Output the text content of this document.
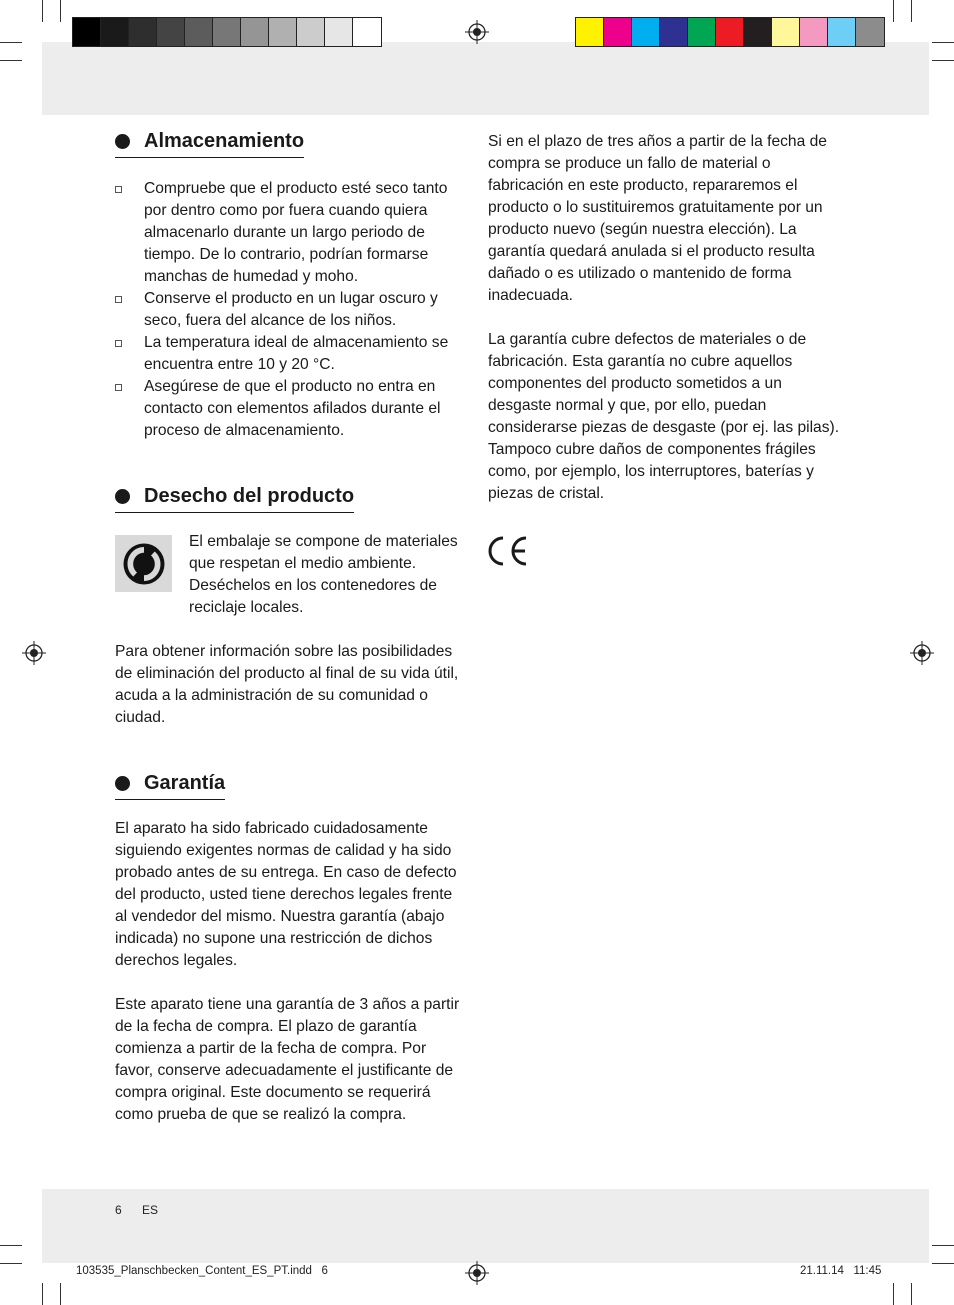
Almacenamiento
Compruebe que el producto esté seco tanto por dentro como por fuera cuando quiera almacenarlo durante un largo periodo de tiempo. De lo contrario, podrían formarse manchas de humedad y moho.
Conserve el producto en un lugar oscuro y seco, fuera del alcance de los niños.
La temperatura ideal de almacenamiento se encuentra entre 10 y 20 °C.
Asegúrese de que el producto no entra en contacto con elementos afilados durante el proceso de almacenamiento.
Desecho del producto

El embalaje se compone de materiales que respetan el medio ambiente. Deséchelos en los contenedores de reciclaje locales.

Para obtener información sobre las posibilidades de eliminación del producto al final de su vida útil, acuda a la administración de su comunidad o ciudad.

Garantía

El aparato ha sido fabricado cuidadosamente siguiendo exigentes normas de calidad y ha sido probado antes de su entrega. En caso de defecto del producto, usted tiene derechos legales frente al vendedor del mismo. Nuestra garantía (abajo indicada) no supone una restricción de dichos derechos legales.

Este aparato tiene una garantía de 3 años a partir de la fecha de compra. El plazo de garantía comienza a partir de la fecha de compra. Por favor, conserve adecuadamente el justificante de compra original. Este documento se requerirá como prueba de que se realizó la compra.

Si en el plazo de tres años a partir de la fecha de compra se produce un fallo de material o fabricación en este producto, repararemos el producto o lo sustituiremos gratuitamente por un producto nuevo (según nuestra elección). La garantía quedará anulada si el producto resulta dañado o es utilizado o mantenido de forma inadecuada.

La garantía cubre defectos de materiales o de fabricación. Esta garantía no cubre aquellos componentes del producto sometidos a un desgaste normal y que, por ello, puedan considerarse piezas de desgaste (por ej. las pilas). Tampoco cubre daños de componentes frágiles como, por ejemplo, los interruptores, baterías y piezas de cristal.

6 ES
103535_Planschbecken_Content_ES_PT.indd   6	21.11.14   11:45
